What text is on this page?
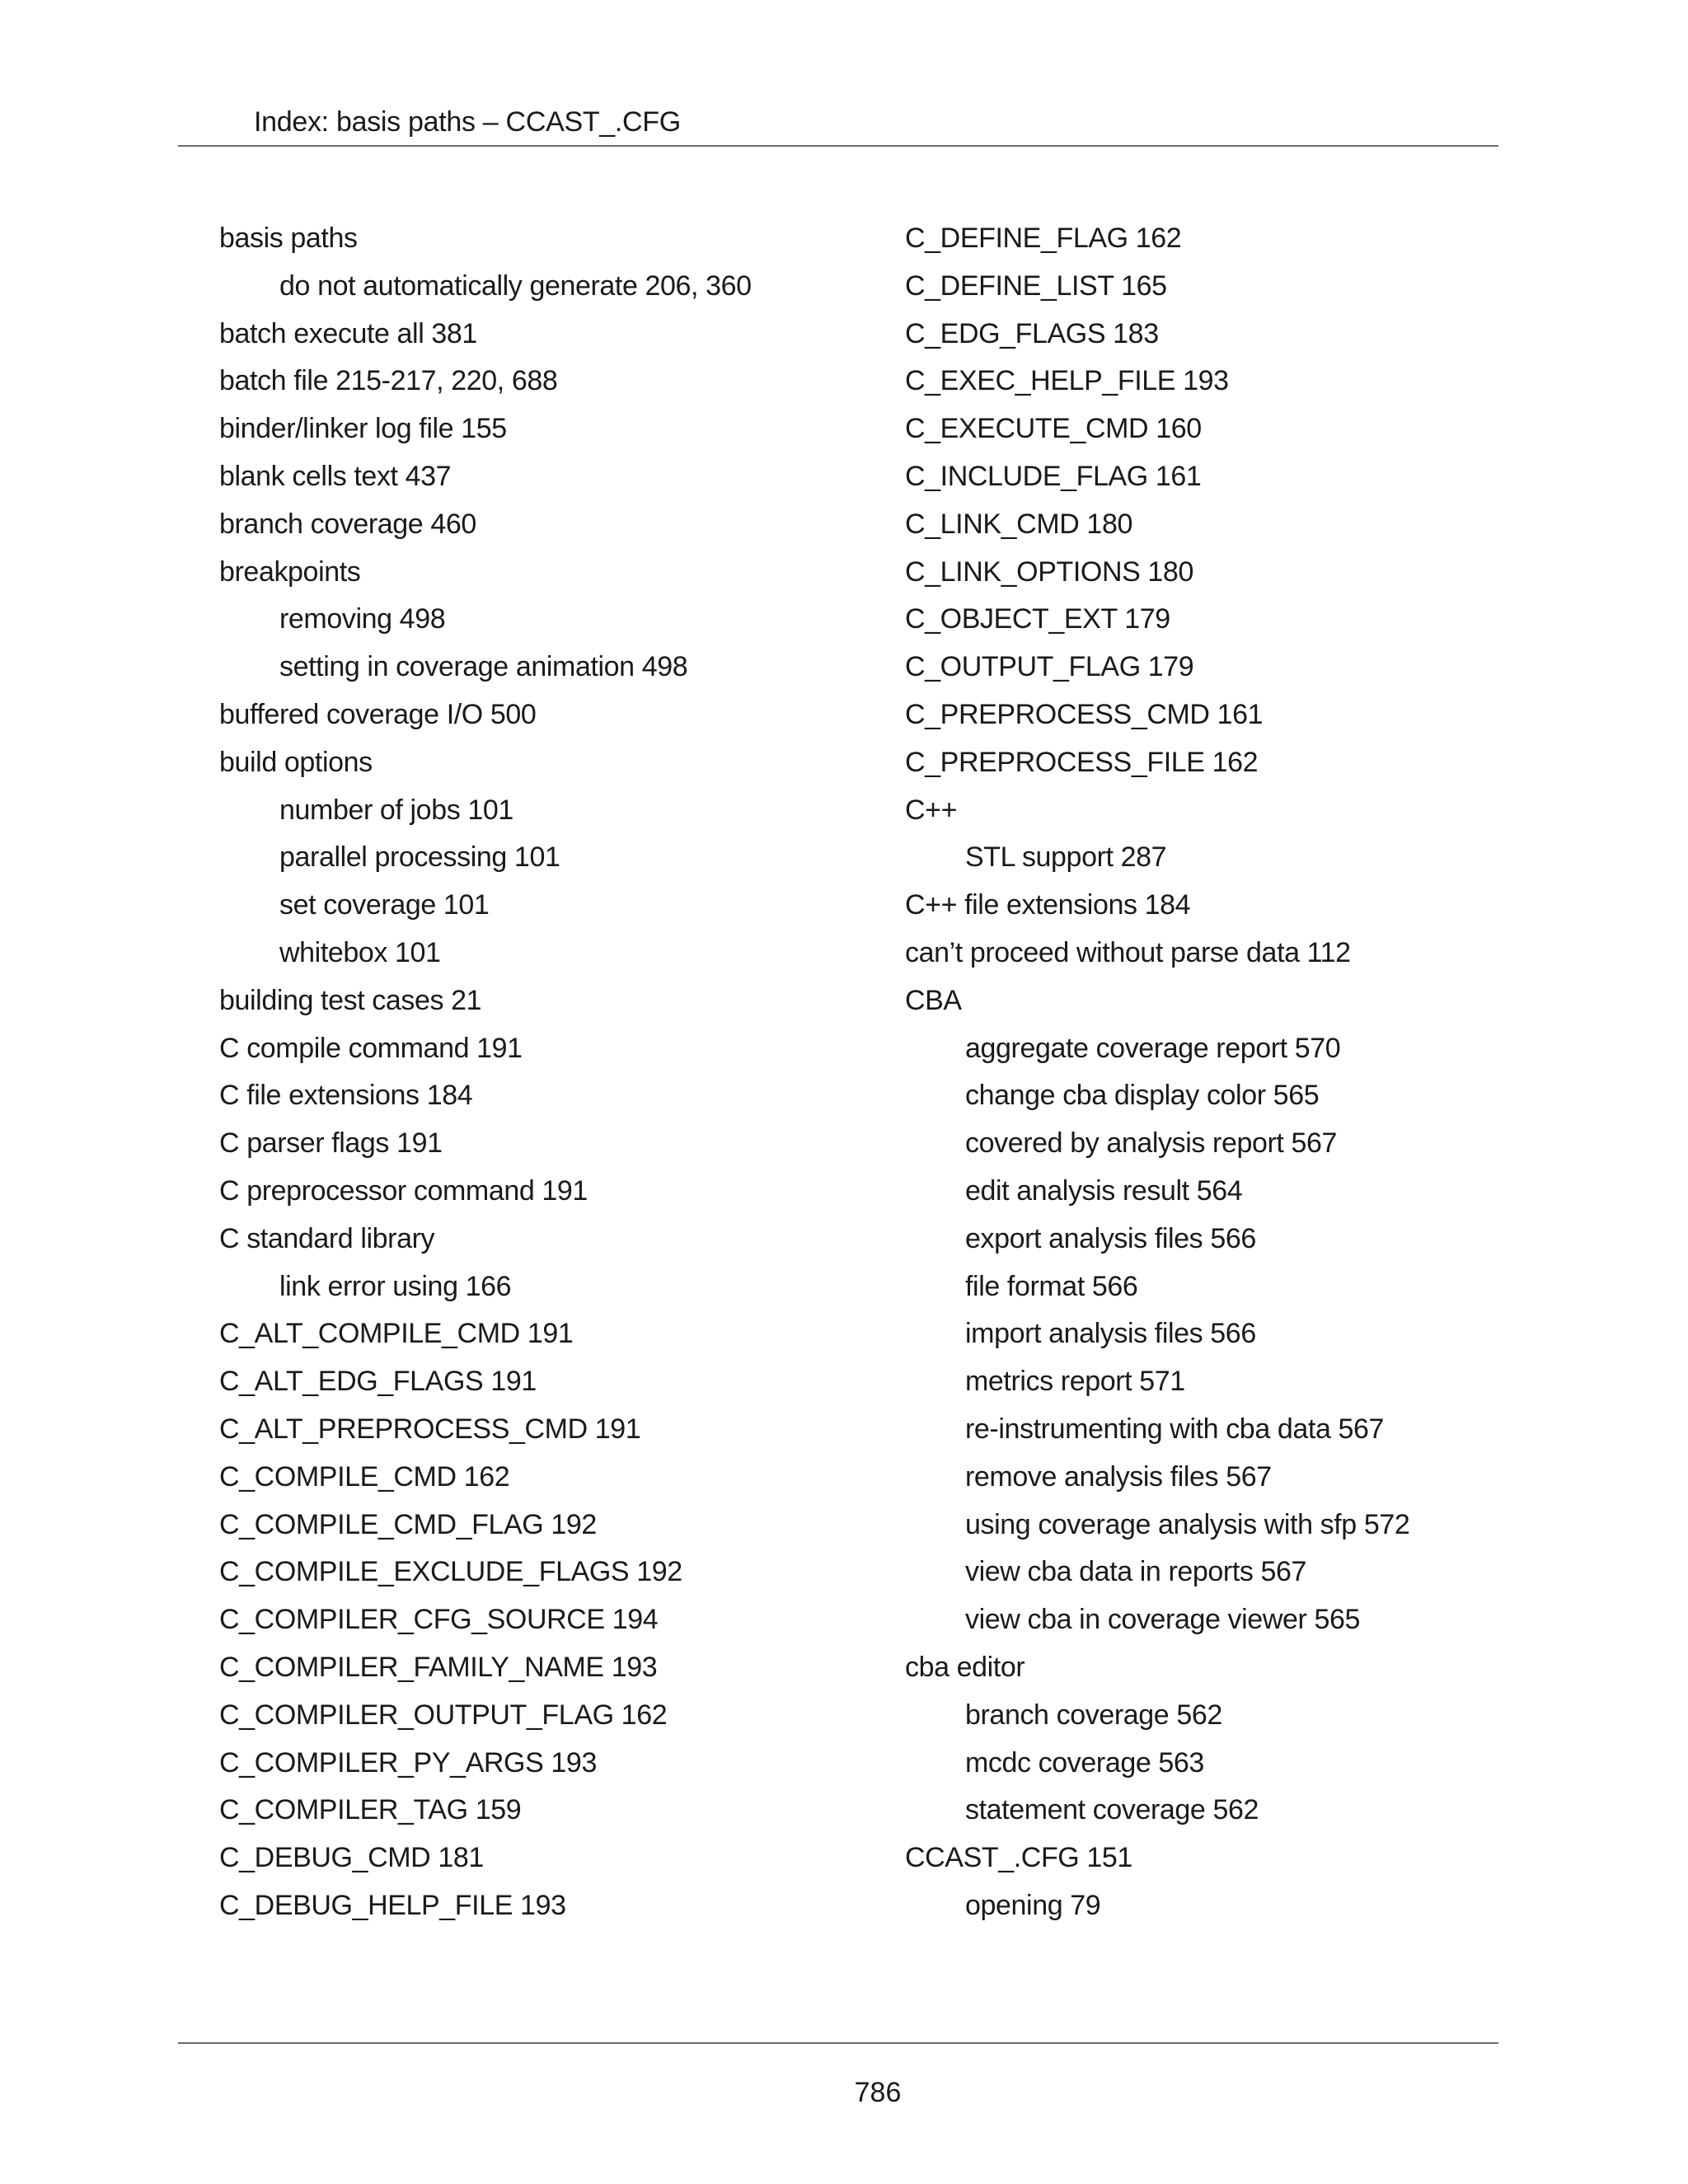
Index: basis paths – CCAST_.CFG
basis paths
do not automatically generate 206, 360
batch execute all 381
batch file 215-217, 220, 688
binder/linker log file 155
blank cells text 437
branch coverage 460
breakpoints
removing 498
setting in coverage animation 498
buffered coverage I/O 500
build options
number of jobs 101
parallel processing 101
set coverage 101
whitebox 101
building test cases 21
C compile command 191
C file extensions 184
C parser flags 191
C preprocessor command 191
C standard library
link error using 166
C_ALT_COMPILE_CMD 191
C_ALT_EDG_FLAGS 191
C_ALT_PREPROCESS_CMD 191
C_COMPILE_CMD 162
C_COMPILE_CMD_FLAG 192
C_COMPILE_EXCLUDE_FLAGS 192
C_COMPILER_CFG_SOURCE 194
C_COMPILER_FAMILY_NAME 193
C_COMPILER_OUTPUT_FLAG 162
C_COMPILER_PY_ARGS 193
C_COMPILER_TAG 159
C_DEBUG_CMD 181
C_DEBUG_HELP_FILE 193
C_DEFINE_FLAG 162
C_DEFINE_LIST 165
C_EDG_FLAGS 183
C_EXEC_HELP_FILE 193
C_EXECUTE_CMD 160
C_INCLUDE_FLAG 161
C_LINK_CMD 180
C_LINK_OPTIONS 180
C_OBJECT_EXT 179
C_OUTPUT_FLAG 179
C_PREPROCESS_CMD 161
C_PREPROCESS_FILE 162
C++
STL support 287
C++ file extensions 184
can’t proceed without parse data 112
CBA
aggregate coverage report 570
change cba display color 565
covered by analysis report 567
edit analysis result 564
export analysis files 566
file format 566
import analysis files 566
metrics report 571
re-instrumenting with cba data 567
remove analysis files 567
using coverage analysis with sfp 572
view cba data in reports 567
view cba in coverage viewer 565
cba editor
branch coverage 562
mcdc coverage 563
statement coverage 562
CCAST_.CFG 151
opening 79
786
